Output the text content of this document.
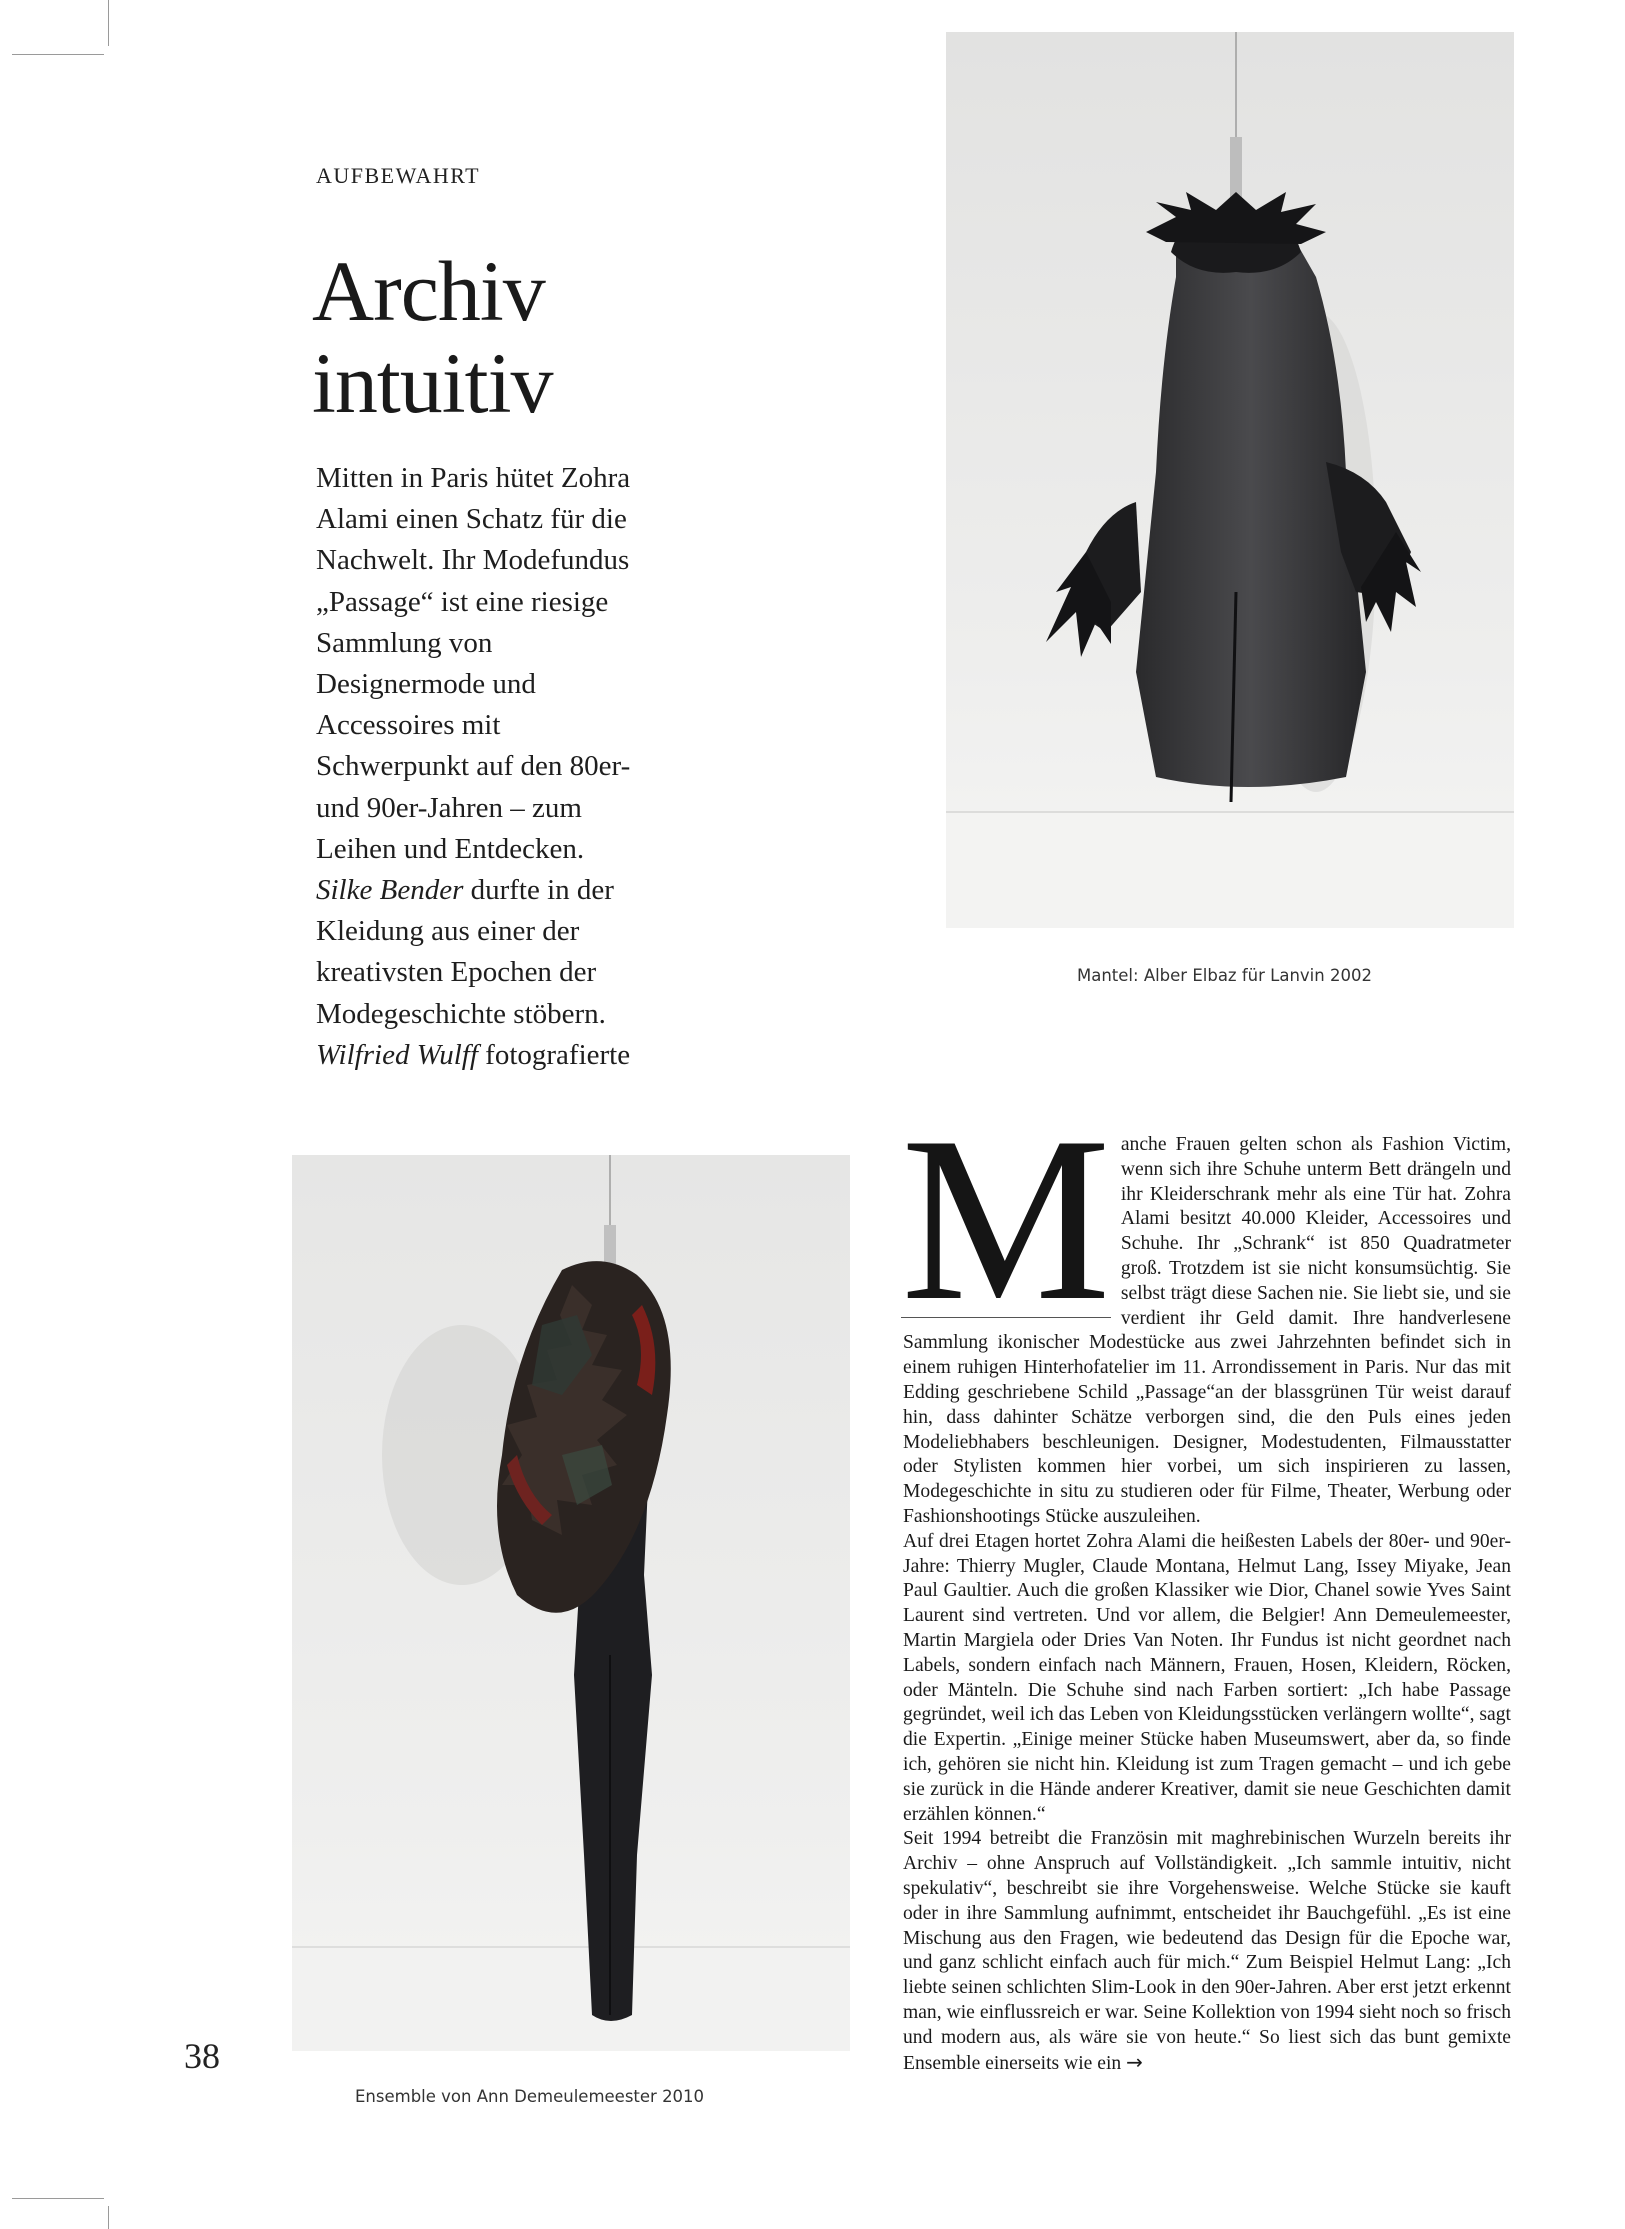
AUFBEWAHRT
Archiv
intuitiv
Mitten in Paris hütet Zohra Alami einen Schatz für die Nachwelt. Ihr Modefundus „Passage“ ist eine riesige Sammlung von Designermode und Accessoires mit Schwerpunkt auf den 80er- und 90er-Jahren – zum Leihen und Entdecken. Silke Bender durfte in der Kleidung aus einer der kreativsten Epochen der Modegeschichte stöbern. Wilfried Wulff fotografierte
Mantel: Alber Elbaz für Lanvin 2002
Ensemble von Ann Demeulemeester 2010

M anche Frauen gelten schon als Fashion Victim, wenn sich ihre Schuhe unterm Bett drängeln und ihr Kleiderschrank mehr als eine Tür hat. Zohra Alami besitzt 40.000 Kleider, Accessoires und Schuhe. Ihr „Schrank“ ist 850 Quadratmeter groß. Trotzdem ist sie nicht konsumsüchtig. Sie selbst trägt diese Sachen nie. Sie liebt sie, und sie verdient ihr Geld damit. Ihre handverlesene Sammlung ikonischer Modestücke aus zwei Jahrzehnten befindet sich in einem ruhigen Hinterhofatelier im 11. Arrondissement in Paris. Nur das mit Edding geschriebene Schild „Passage“an der blassgrünen Tür weist darauf hin, dass dahinter Schätze verborgen sind, die den Puls eines jeden Modeliebhabers beschleunigen. Designer, Modestudenten, Filmausstatter oder Stylisten kommen hier vorbei, um sich inspirieren zu lassen, Modegeschichte in situ zu studieren oder für Filme, Theater, Werbung oder Fashionshootings Stücke auszuleihen.

Auf drei Etagen hortet Zohra Alami die heißesten Labels der 80er- und 90er-Jahre: Thierry Mugler, Claude Montana, Helmut Lang, Issey Miyake, Jean Paul Gaultier. Auch die großen Klassiker wie Dior, Chanel sowie Yves Saint Laurent sind vertreten. Und vor allem, die Belgier! Ann Demeulemeester, Martin Margiela oder Dries Van Noten. Ihr Fundus ist nicht geordnet nach Labels, sondern einfach nach Männern, Frauen, Hosen, Kleidern, Röcken, oder Mänteln. Die Schuhe sind nach Farben sortiert: „Ich habe Passage gegründet, weil ich das Leben von Kleidungsstücken verlängern wollte“, sagt die Expertin. „Einige meiner Stücke haben Museumswert, aber da, so finde ich, gehören sie nicht hin. Kleidung ist zum Tragen gemacht – und ich gebe sie zurück in die Hände anderer Kreativer, damit sie neue Geschichten damit erzählen können.“

Seit 1994 betreibt die Französin mit maghrebinischen Wurzeln bereits ihr Archiv – ohne Anspruch auf Vollständigkeit. „Ich sammle intuitiv, nicht spekulativ“, beschreibt sie ihre Vorgehensweise. Welche Stücke sie kauft oder in ihre Sammlung aufnimmt, entscheidet ihr Bauchgefühl. „Es ist eine Mischung aus den Fragen, wie bedeutend das Design für die Epoche war, und ganz schlicht einfach auch für mich.“ Zum Beispiel Helmut Lang: „Ich liebte seinen schlichten Slim-Look in den 90er-Jahren. Aber erst jetzt erkennt man, wie einflussreich er war. Seine Kollektion von 1994 sieht noch so frisch und modern aus, als wäre sie von heute.“ So liest sich das bunt gemixte Ensemble einerseits wie ein →

38
